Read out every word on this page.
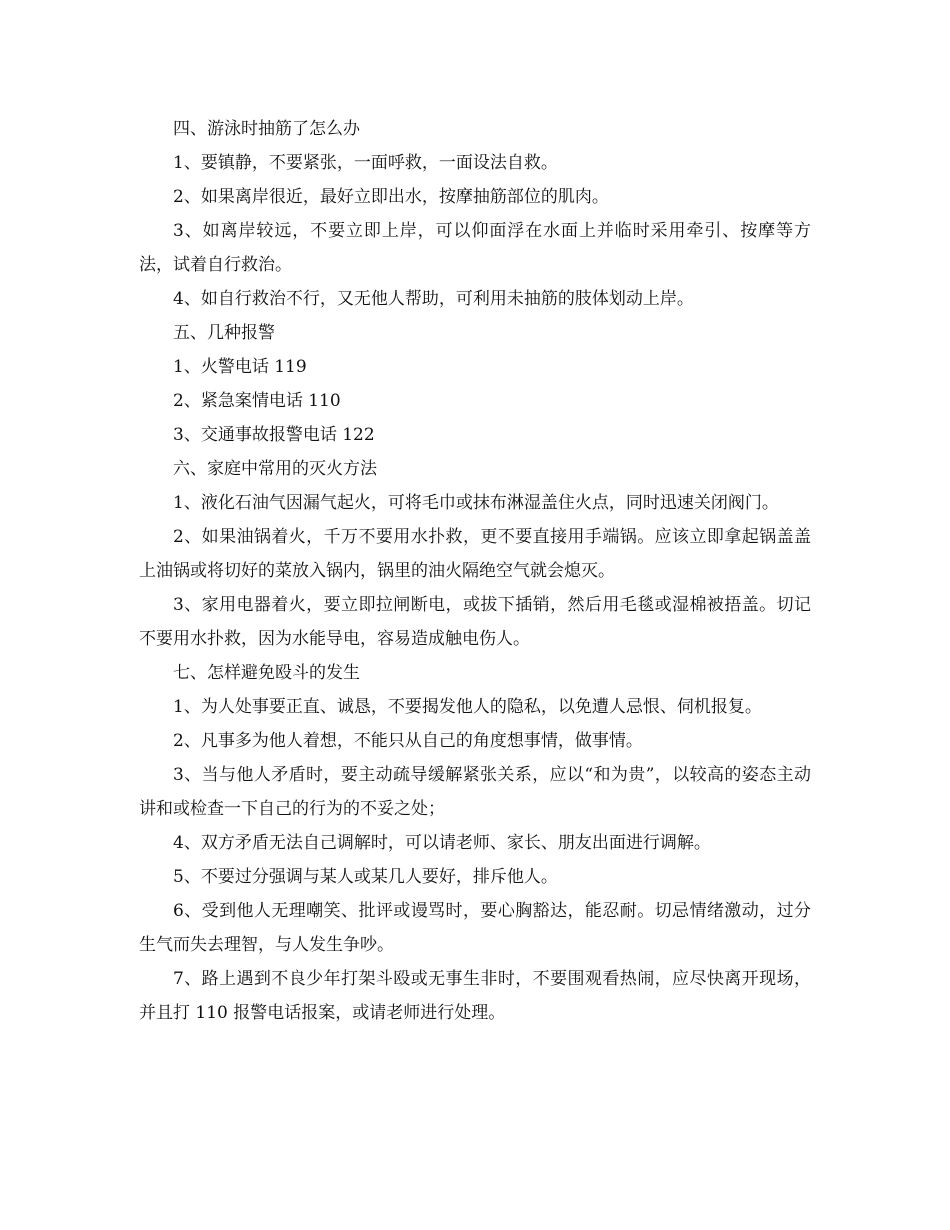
四、游泳时抽筋了怎么办

1、要镇静，不要紧张，一面呼救，一面设法自救。

2、如果离岸很近，最好立即出水，按摩抽筋部位的肌肉。

3、如离岸较远，不要立即上岸，可以仰面浮在水面上并临时采用牵引、按摩等方法，试着自行救治。

4、如自行救治不行，又无他人帮助，可利用未抽筋的肢体划动上岸。

五、几种报警

1、火警电话 119

2、紧急案情电话 110

3、交通事故报警电话 122

六、家庭中常用的灭火方法

1、液化石油气因漏气起火，可将毛巾或抹布淋湿盖住火点，同时迅速关闭阀门。

2、如果油锅着火，千万不要用水扑救，更不要直接用手端锅。应该立即拿起锅盖盖上油锅或将切好的菜放入锅内，锅里的油火隔绝空气就会熄灭。

3、家用电器着火，要立即拉闸断电，或拔下插销，然后用毛毯或湿棉被捂盖。切记不要用水扑救，因为水能导电，容易造成触电伤人。

七、怎样避免殴斗的发生

1、为人处事要正直、诚恳，不要揭发他人的隐私，以免遭人忌恨、伺机报复。

2、凡事多为他人着想，不能只从自己的角度想事情，做事情。

3、当与他人矛盾时，要主动疏导缓解紧张关系，应以“和为贵”，以较高的姿态主动讲和或检查一下自己的行为的不妥之处；

4、双方矛盾无法自己调解时，可以请老师、家长、朋友出面进行调解。

5、不要过分强调与某人或某几人要好，排斥他人。

6、受到他人无理嘲笑、批评或谩骂时，要心胸豁达，能忍耐。切忌情绪激动，过分生气而失去理智，与人发生争吵。

7、路上遇到不良少年打架斗殴或无事生非时，不要围观看热闹，应尽快离开现场，并且打 110 报警电话报案，或请老师进行处理。
